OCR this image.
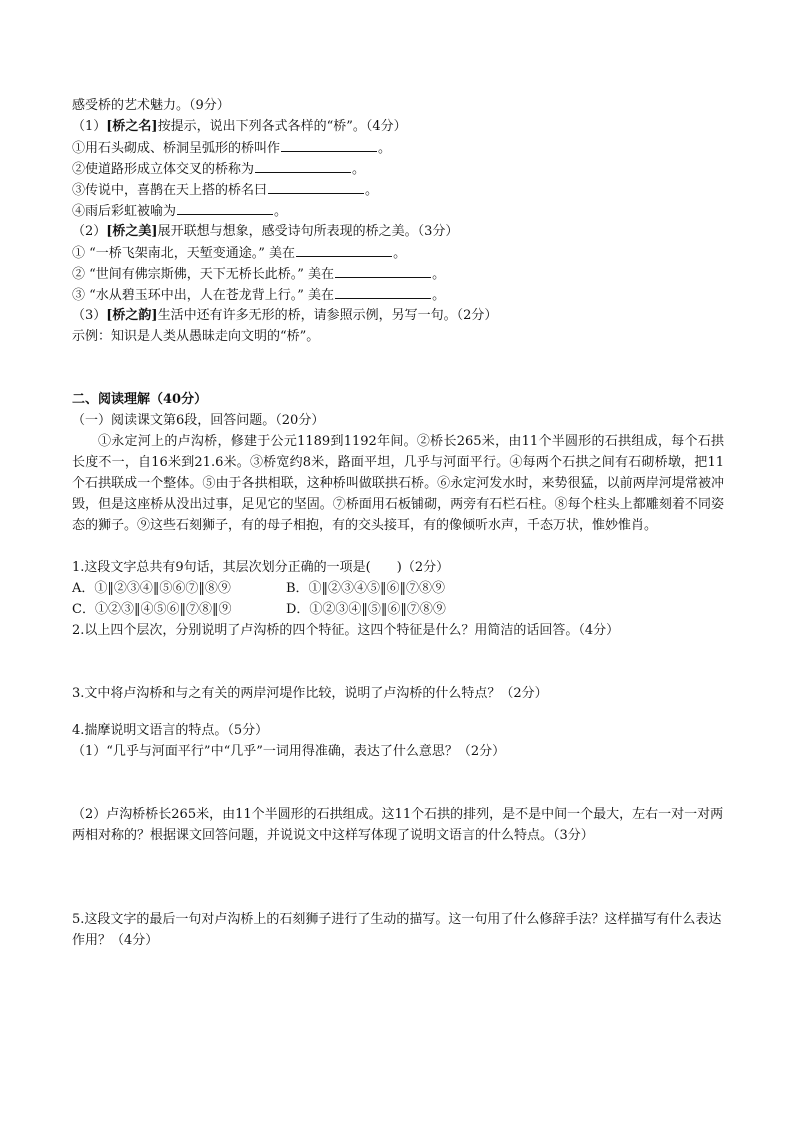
感受桥的艺术魅力。（9分）
（1）[桥之名]按提示，说出下列各式各样的“桥”。（4分）
①用石头砌成、桥洞呈弧形的桥叫作	。
②使道路形成立体交叉的桥称为	。
③传说中，喜鹊在天上搭的桥名曰	。
④雨后彩虹被喻为	。
（2）[桥之美]展开联想与想象，感受诗句所表现的桥之美。（3分）
① “一桥飞架南北，天堑变通途。” 美在	。
② “世间有佛宗斯佛，天下无桥长此桥。” 美在	。
③ “水从碧玉环中出，人在苍龙背上行。” 美在	。
（3）[桥之韵]生活中还有许多无形的桥，请参照示例，另写一句。（2分）
示例：知识是人类从愚昧走向文明的“桥”。
二、阅读理解（40分）
（一）阅读课文第6段，回答问题。（20分）
①永定河上的卢沟桥，修建于公元1189到1192年间。②桥长265米，由11个半圆形的石拱组成，每个石拱长度不一，自16米到21.6米。③桥宽约8米，路面平坦，几乎与河面平行。④每两个石拱之间有石砌桥墩，把11个石拱联成一个整体。⑤由于各拱相联，这种桥叫做联拱石桥。⑥永定河发水时，来势很猛，以前两岸河堤常被冲毁，但是这座桥从没出过事，足见它的坚固。⑦桥面用石板铺砌，两旁有石栏石柱。⑧每个柱头上都雕刻着不同姿态的狮子。⑨这些石刻狮子，有的母子相抱，有的交头接耳，有的像倾听水声，千态万状，惟妙惟肖。
1.这段文字总共有9句话，其层次划分正确的一项是(　　)（2分）
A．①‖②③④‖⑤⑥⑦‖⑧⑨	B．①‖②③④⑤‖⑥‖⑦⑧⑨
C．①②③‖④⑤⑥‖⑦⑧‖⑨	D．①②③④‖⑤‖⑥‖⑦⑧⑨
2.以上四个层次，分别说明了卢沟桥的四个特征。这四个特征是什么？用简洁的话回答。（4分）
3.文中将卢沟桥和与之有关的两岸河堤作比较，说明了卢沟桥的什么特点？（2分）
4.揣摩说明文语言的特点。（5分）
（1）“几乎与河面平行”中“几乎”一词用得准确，表达了什么意思？（2分）
（2）卢沟桥桥长265米，由11个半圆形的石拱组成。这11个石拱的排列，是不是中间一个最大，左右一对一对两两相对称的？根据课文回答问题，并说说文中这样写体现了说明文语言的什么特点。（3分）
5.这段文字的最后一句对卢沟桥上的石刻狮子进行了生动的描写。这一句用了什么修辞手法？这样描写有什么表达作用？（4分）
